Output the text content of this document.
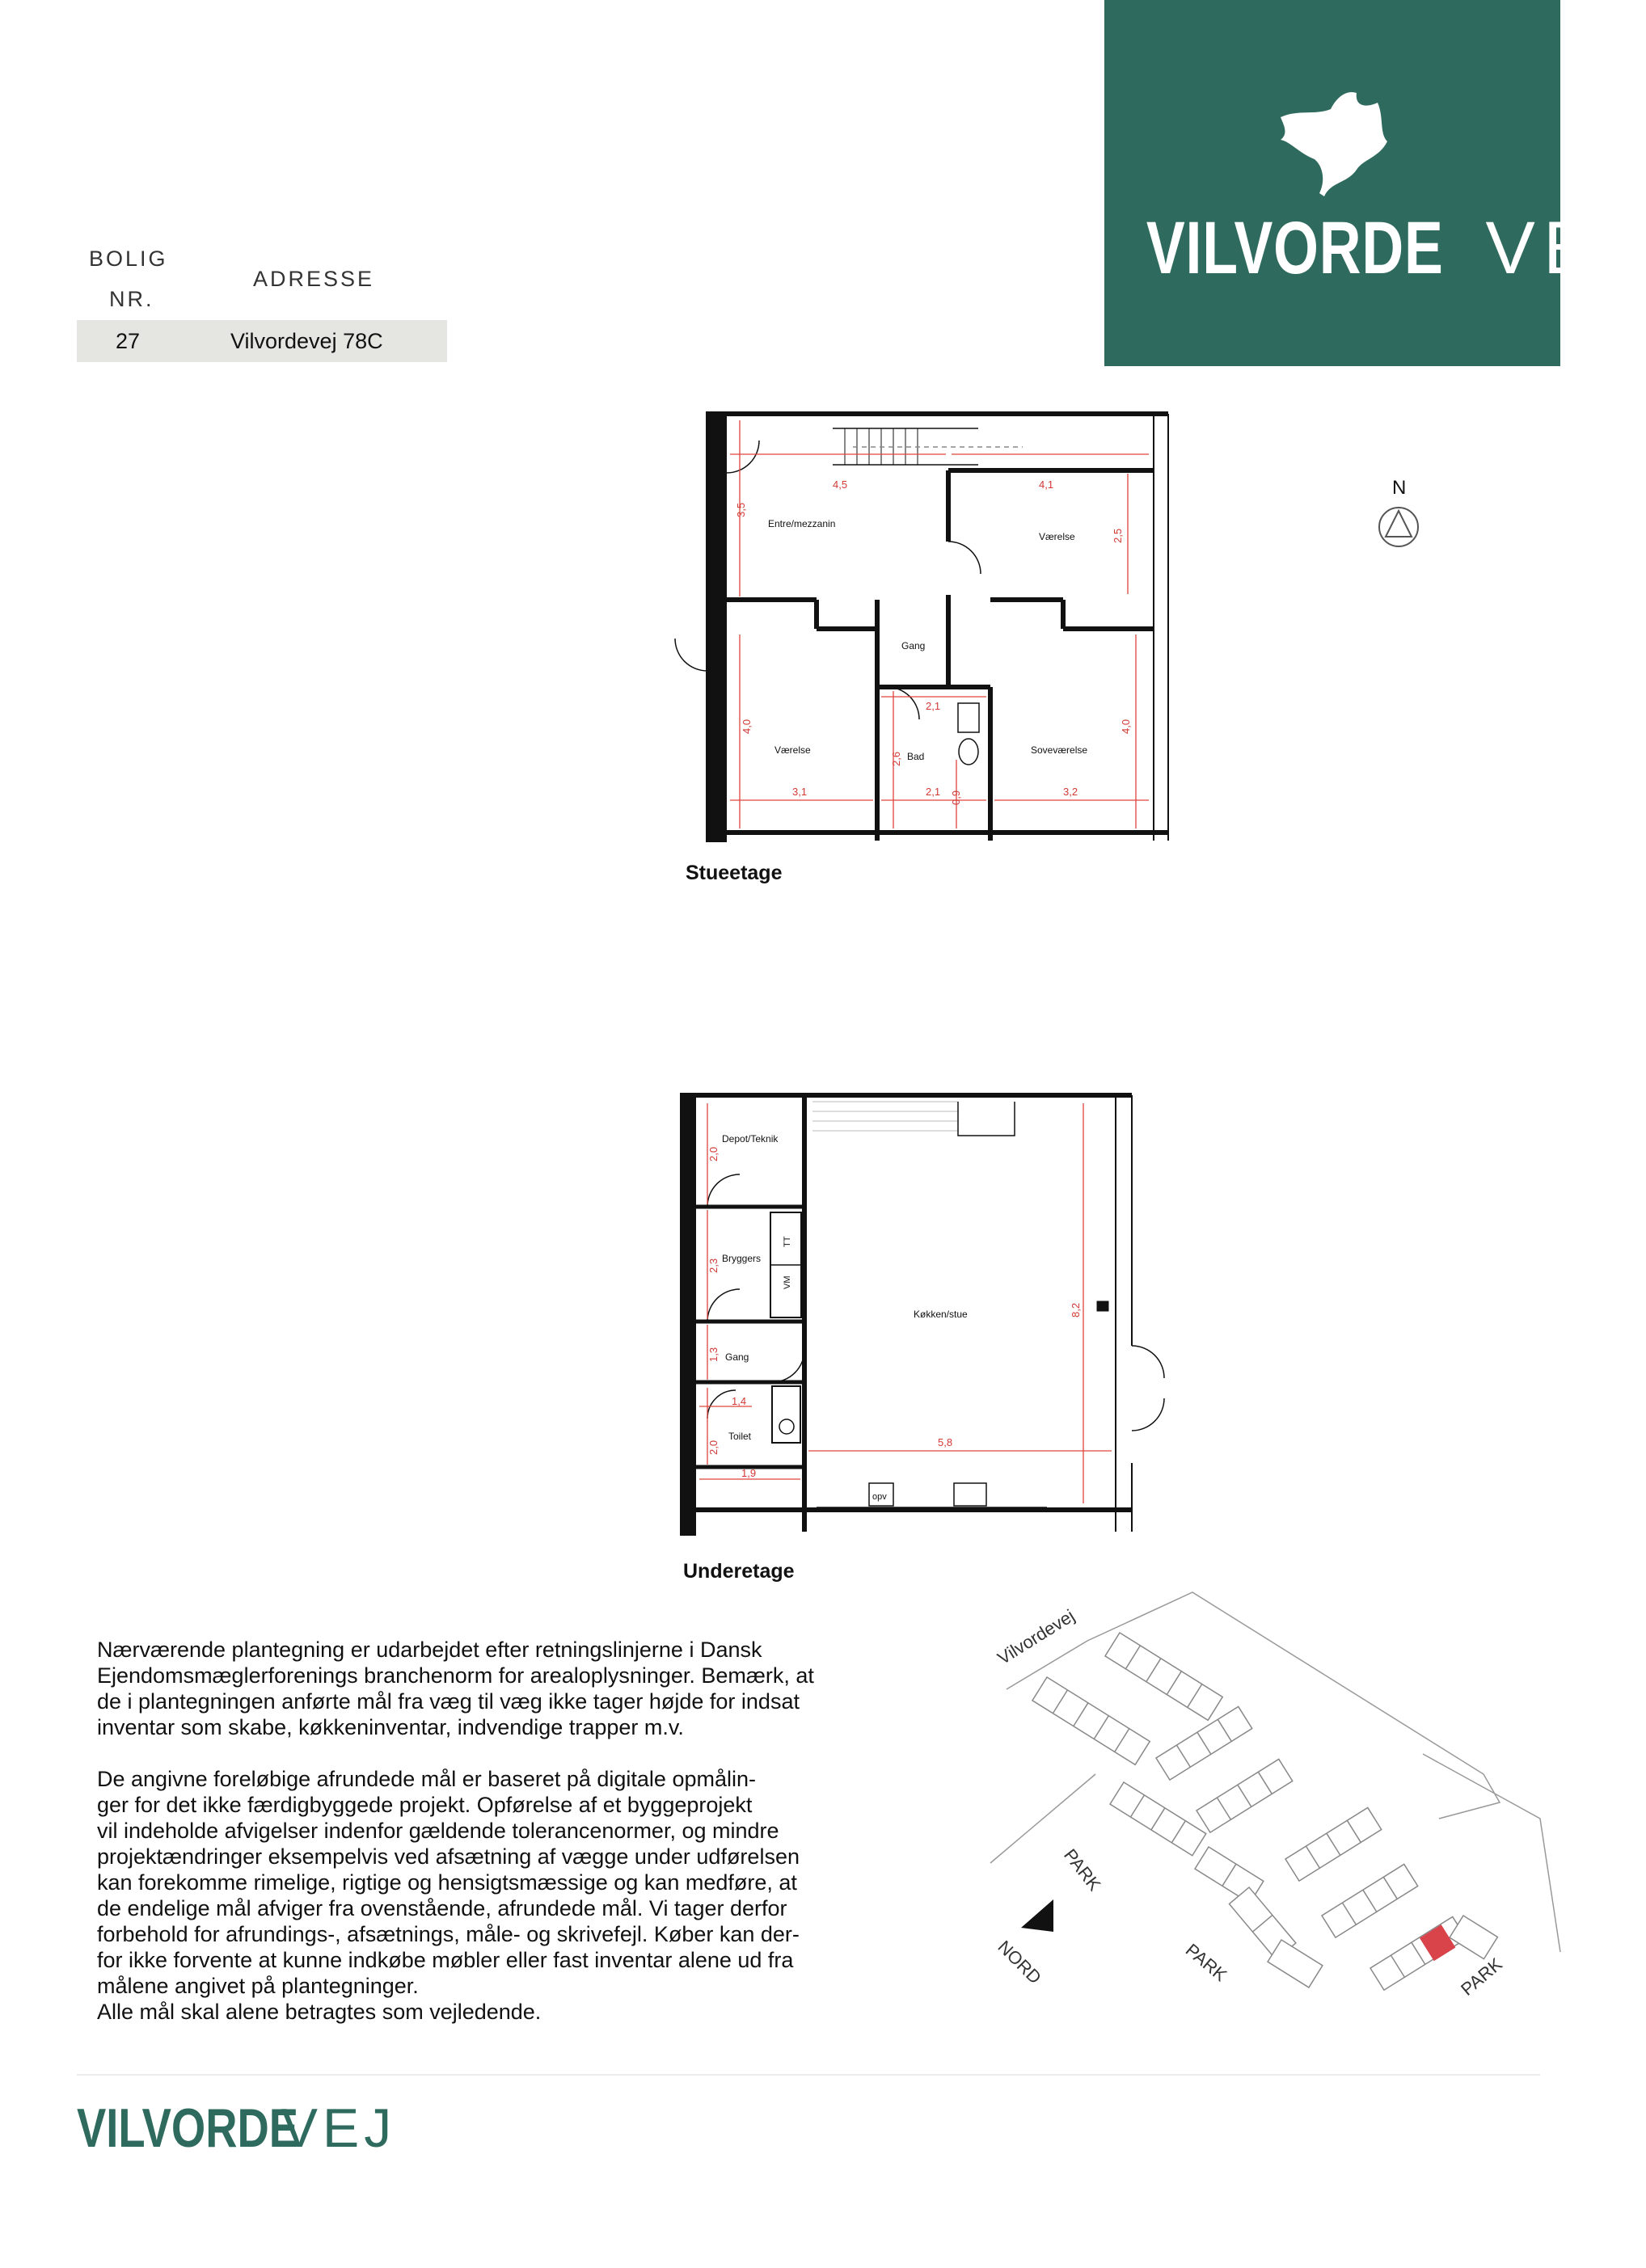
BOLIG
NR.
ADRESSE
27	Vilvordevej 78C
VILVORDE VEJ
4,5	4,1
3,5
2,5
4,0	4,0
3,1	3,2
2,1
2,1
2,6
0,9
Entre/mezzanin
Værelse
Gang
Værelse
Bad
Soveværelse
Stueetage
N
2,0
2,3
1,3
1,4
2,0
1,9
8,2
5,8
Depot/Teknik
Bryggers
Gang
Toilet
Køkken/stue
VM
TT
opv
Underetage

Nærværende plantegning er udarbejdet efter retningslinjerne i Dansk
Ejendomsmæglerforenings branchenorm for arealoplysninger. Bemærk, at
de i plantegningen anførte mål fra væg til væg ikke tager højde for indsat
inventar som skabe, køkkeninventar, indvendige trapper m.v.

De angivne foreløbige afrundede mål er baseret på digitale opmålin-
ger for det ikke færdigbyggede projekt. Opførelse af et byggeprojekt
vil indeholde afvigelser indenfor gældende tolerancenormer, og mindre
projektændringer eksempelvis ved afsætning af vægge under udførelsen
kan forekomme rimelige, rigtige og hensigtsmæssige og kan medføre, at
de endelige mål afviger fra ovenstående, afrundede mål. Vi tager derfor
forbehold for afrundings-, afsætnings, måle- og skrivefejl. Køber kan der-
for ikke forvente at kunne indkøbe møbler eller fast inventar alene ud fra
målene angivet på plantegninger.
Alle mål skal alene betragtes som vejledende.

Vilvordevej
PARK
PARK	PARK
NORD
VILVORDEVEJ
